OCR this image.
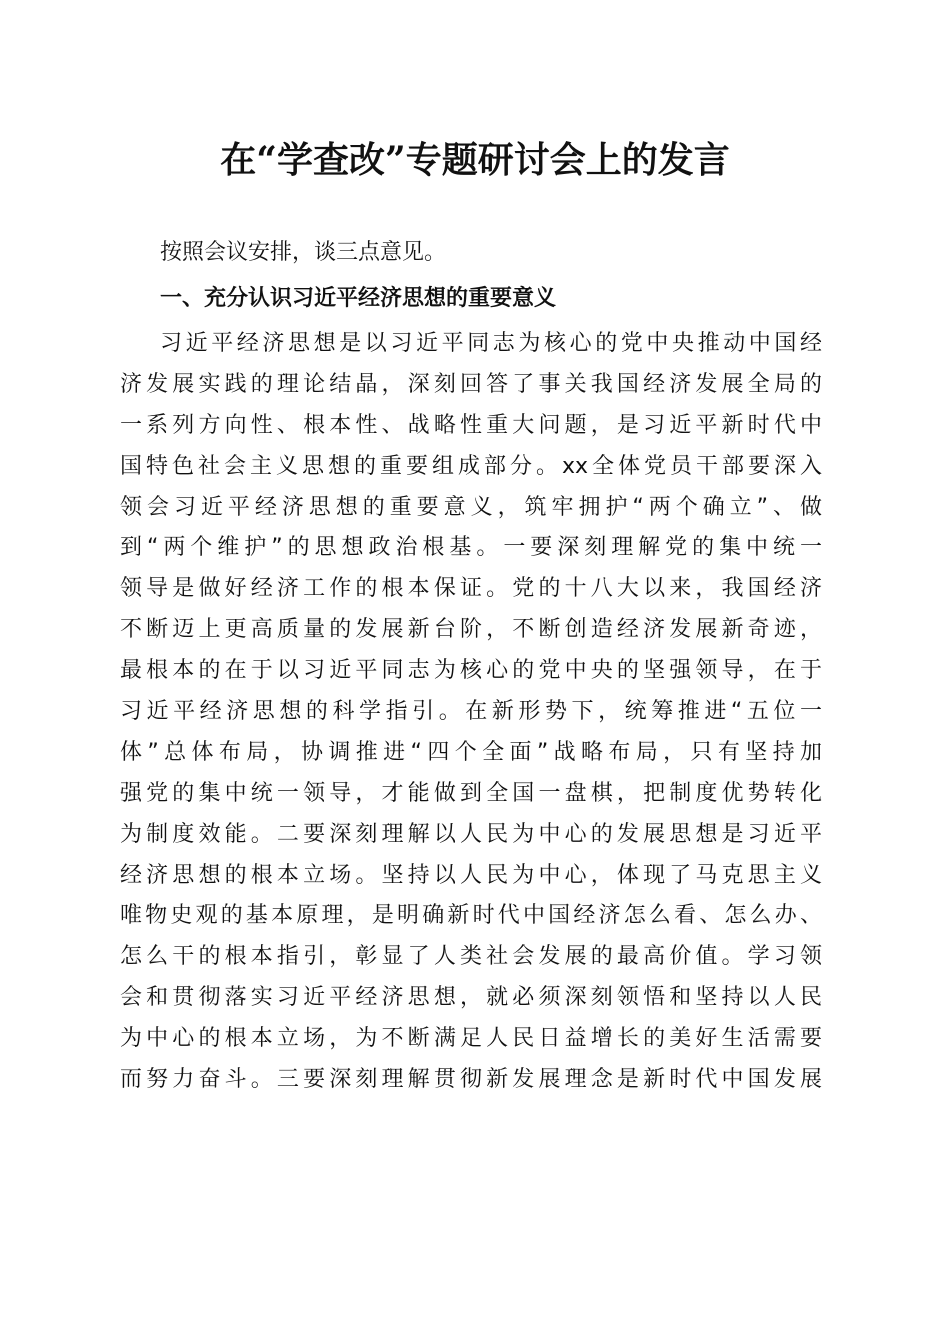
在“学查改”专题研讨会上的发言
按照会议安排，谈三点意见。
一、充分认识习近平经济思想的重要意义
习近平经济思想是以习近平同志为核心的党中央推动中国经
济发展实践的理论结晶，深刻回答了事关我国经济发展全局的
一系列方向性、根本性、战略性重大问题，是习近平新时代中
国特色社会主义思想的重要组成部分。xx全体党员干部要深入
领会习近平经济思想的重要意义，筑牢拥护“两个确立”、做
到“两个维护”的思想政治根基。一要深刻理解党的集中统一
领导是做好经济工作的根本保证。党的十八大以来，我国经济
不断迈上更高质量的发展新台阶，不断创造经济发展新奇迹，
最根本的在于以习近平同志为核心的党中央的坚强领导，在于
习近平经济思想的科学指引。在新形势下，统筹推进“五位一
体”总体布局，协调推进“四个全面”战略布局，只有坚持加
强党的集中统一领导，才能做到全国一盘棋，把制度优势转化
为制度效能。二要深刻理解以人民为中心的发展思想是习近平
经济思想的根本立场。坚持以人民为中心，体现了马克思主义
唯物史观的基本原理，是明确新时代中国经济怎么看、怎么办、
怎么干的根本指引，彰显了人类社会发展的最高价值。学习领
会和贯彻落实习近平经济思想，就必须深刻领悟和坚持以人民
为中心的根本立场，为不断满足人民日益增长的美好生活需要
而努力奋斗。三要深刻理解贯彻新发展理念是新时代中国发展
